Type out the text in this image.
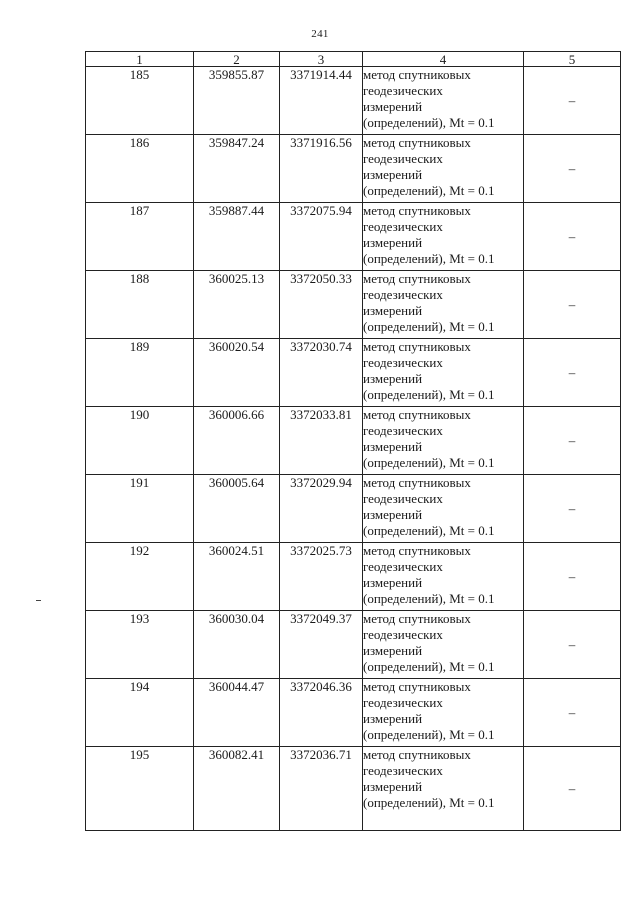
241
1	2	3	4	5
185	359855.87	3371914.44	метод спутниковых
геодезических
измерений
(определений), Mt = 0.1	–
186	359847.24	3371916.56	метод спутниковых
геодезических
измерений
(определений), Mt = 0.1	–
187	359887.44	3372075.94	метод спутниковых
геодезических
измерений
(определений), Mt = 0.1	–
188	360025.13	3372050.33	метод спутниковых
геодезических
измерений
(определений), Mt = 0.1	–
189	360020.54	3372030.74	метод спутниковых
геодезических
измерений
(определений), Mt = 0.1	–
190	360006.66	3372033.81	метод спутниковых
геодезических
измерений
(определений), Mt = 0.1	–
191	360005.64	3372029.94	метод спутниковых
геодезических
измерений
(определений), Mt = 0.1	–
192	360024.51	3372025.73	метод спутниковых
геодезических
измерений
(определений), Mt = 0.1	–
193	360030.04	3372049.37	метод спутниковых
геодезических
измерений
(определений), Mt = 0.1	–
194	360044.47	3372046.36	метод спутниковых
геодезических
измерений
(определений), Mt = 0.1	–
195	360082.41	3372036.71	метод спутниковых
геодезических
измерений
(определений), Mt = 0.1	–
